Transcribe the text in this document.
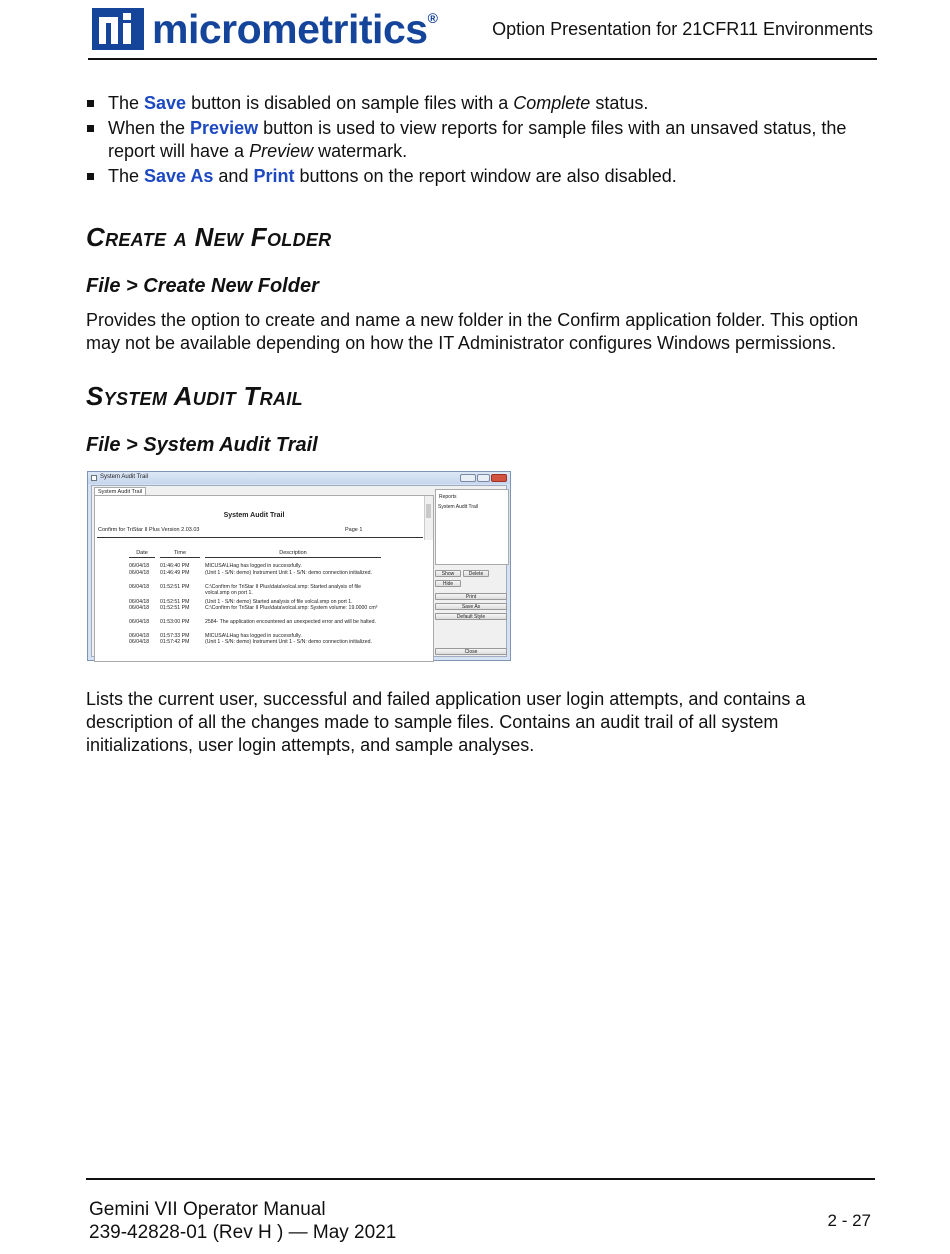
micrometritics®
Option Presentation for 21CFR11 Environments
The Save button is disabled on sample files with a Complete status.
When the Preview button is used to view reports for sample files with an unsaved status, the report will have a Preview watermark.
The Save As and Print buttons on the report window are also disabled.
Create a New Folder
File > Create New Folder

Provides the option to create and name a new folder in the Confirm application folder. This option may not be available depending on how the IT Administrator configures Windows permissions.

System Audit Trail
File > System Audit Trail
System Audit Trail
System Audit Trail
System Audit Trail
Confirm for TriStar II Plus Version 2.03.03	Page 1
Date	Time	Description
06/04/18	01:46:40 PM	MICUSA\LHag has logged in successfully.
06/04/18	01:46:49 PM	(Unit 1 - S/N: demo) Instrument Unit 1 - S/N: demo connection initialized.
06/04/18	01:52:51 PM	C:\Confirm for TriStar II Plus\data\volcal.smp: Started analysis of file volcal.smp on port 1.
06/04/18	01:52:51 PM	(Unit 1 - S/N: demo) Started analysis of file volcal.smp on port 1.
06/04/18	01:52:51 PM	C:\Confirm for TriStar II Plus\data\volcal.smp: System volume: 19.0000 cm³
06/04/18	01:53:00 PM	2584- The application encountered an unexpected error and will be halted.
06/04/18	01:57:33 PM	MICUSA\LHag has logged in successfully.
06/04/18	01:57:42 PM	(Unit 1 - S/N: demo) Instrument Unit 1 - S/N: demo connection initialized.
Reports
System Audit Trail
Show	Delete
Hide
Print
Save As
Default Style
Close

Lists the current user, successful and failed application user login attempts, and contains a description of all the changes made to sample files. Contains an audit trail of all system initializations, user login attempts, and sample analyses.

Gemini VII Operator Manual
239-42828-01 (Rev H ) — May 2021
2 - 27
